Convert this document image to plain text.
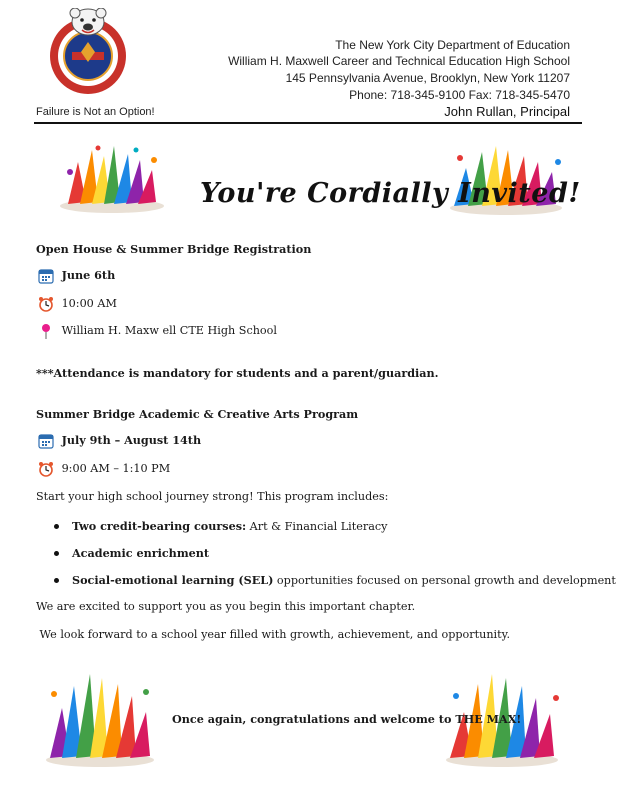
The New York City Department of Education
William H. Maxwell Career and Technical Education High School
145 Pennsylvania Avenue, Brooklyn, New York 11207
Phone: 718-345-9100 Fax: 718-345-5470
John Rullan, Principal
Failure is Not an Option!
You're Cordially Invited!
Open House & Summer Bridge Registration
June 6th
10:00 AM
William H. Maxw ell CTE High School
***Attendance is mandatory for students and a parent/guardian.
Summer Bridge Academic & Creative Arts Program
July 9th – August 14th
9:00 AM – 1:10 PM
Start your high school journey strong! This program includes:
Two credit-bearing courses: Art & Financial Literacy
Academic enrichment
Social-emotional learning (SEL) opportunities focused on personal growth and development
We are excited to support you as you begin this important chapter.
We look forward to a school year filled with growth, achievement, and opportunity.
Once again, congratulations and welcome to THE MAX!
